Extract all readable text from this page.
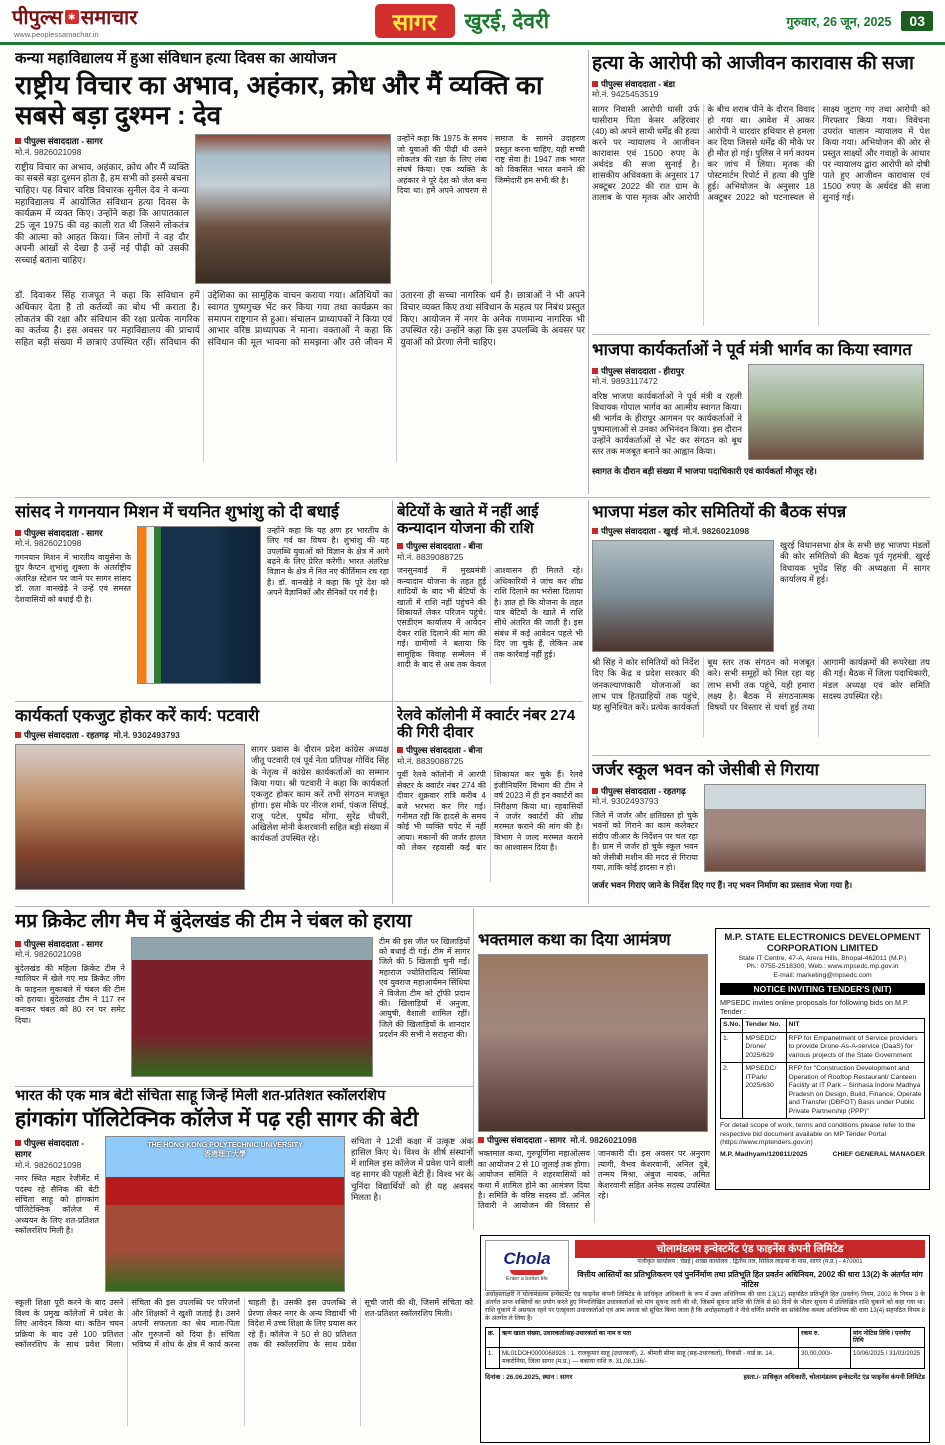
पीपुल्स ✱ समाचार
www.peoplessamachar.in	सागर	खुरई, देवरी	गुरुवार, 26 जून, 2025	03
कन्या महाविद्यालय में हुआ संविधान हत्या दिवस का आयोजन
राष्ट्रीय विचार का अभाव, अहंकार, क्रोध और मैं व्यक्ति का सबसे बड़ा दुश्मन : देव
पीपुल्स संवाददाता - सागर
मो.नं. 9826021098
राष्ट्रीय विचार का अभाव, अहंकार, क्रोध और मैं व्यक्ति का सबसे बड़ा दुश्मन होता है, हम सभी को इससे बचना चाहिए। यह विचार वरिष्ठ विचारक सुनील देव ने कन्या महाविद्यालय में आयोजित संविधान हत्या दिवस के कार्यक्रम में व्यक्त किए। उन्होंने कहा कि आपातकाल 25 जून 1975 की वह काली रात थी जिसने लोकतंत्र की आत्मा को आहत किया। जिन लोगों ने वह दौर अपनी आंखों से देखा है उन्हें नई पीढ़ी को उसकी सच्चाई बताना चाहिए।
उन्होंने कहा कि 1975 के समय जो युवाओं की पीढ़ी थी उसने लोकतंत्र की रक्षा के लिए लंबा संघर्ष किया। एक व्यक्ति के अहंकार ने पूरे देश को जेल बना दिया था। हमें अपने आचरण से समाज के सामने उदाहरण प्रस्तुत करना चाहिए, यही सच्ची राष्ट्र सेवा है। 1947 तक भारत को विकसित भारत बनाने की जिम्मेदारी हम सभी की है।
डॉ. दिवाकर सिंह राजपूत ने कहा कि संविधान हमें अधिकार देता है तो कर्तव्यों का बोध भी कराता है। लोकतंत्र की रक्षा और संविधान की रक्षा प्रत्येक नागरिक का कर्तव्य है। इस अवसर पर महाविद्यालय की प्राचार्य सहित बड़ी संख्या में छात्राएं उपस्थित रहीं। संविधान की उद्देशिका का सामूहिक वाचन कराया गया। अतिथियों का स्वागत पुष्पगुच्छ भेंट कर किया गया तथा कार्यक्रम का समापन राष्ट्रगान से हुआ। संचालन प्राध्यापकों ने किया एवं आभार वरिष्ठ प्राध्यापक ने माना। वक्ताओं ने कहा कि संविधान की मूल भावना को समझना और उसे जीवन में उतारना ही सच्चा नागरिक धर्म है। छात्राओं ने भी अपने विचार व्यक्त किए तथा संविधान के महत्व पर निबंध प्रस्तुत किए। आयोजन में नगर के अनेक गणमान्य नागरिक भी उपस्थित रहे। उन्होंने कहा कि इस उपलब्धि के अवसर पर युवाओं को प्रेरणा लेनी चाहिए।
हत्या के आरोपी को आजीवन कारावास की सजा
पीपुल्स संवाददाता - बंडा
मो.नं. 9425453519
सागर निवासी आरोपी घासी उर्फ घासीराम पिता केसर अहिरवार (40) को अपने साथी धर्मेंद्र की हत्या करने पर न्यायालय ने आजीवन कारावास एवं 1500 रुपए के अर्थदंड की सजा सुनाई है। शासकीय अधिवक्ता के अनुसार 17 अक्टूबर 2022 की रात ग्राम के तालाब के पास मृतक और आरोपी के बीच शराब पीने के दौरान विवाद हो गया था। आवेश में आकर आरोपी ने धारदार हथियार से हमला कर दिया जिससे धर्मेंद्र की मौके पर ही मौत हो गई। पुलिस ने मर्ग कायम कर जांच में लिया। मृतक की पोस्टमार्टम रिपोर्ट में हत्या की पुष्टि हुई। अभियोजन के अनुसार 18 अक्टूबर 2022 को घटनास्थल से साक्ष्य जुटाए गए तथा आरोपी को गिरफ्तार किया गया। विवेचना उपरांत चालान न्यायालय में पेश किया गया। अभियोजन की ओर से प्रस्तुत साक्ष्यों और गवाहों के आधार पर न्यायालय द्वारा आरोपी को दोषी पाते हुए आजीवन कारावास एवं 1500 रुपए के अर्थदंड की सजा सुनाई गई।
भाजपा कार्यकर्ताओं ने पूर्व मंत्री भार्गव का किया स्वागत
पीपुल्स संवाददाता - हीरापुर
मो.नं. 9893117472
वरिष्ठ भाजपा कार्यकर्ताओं ने पूर्व मंत्री व रहली विधायक गोपाल भार्गव का आत्मीय स्वागत किया। श्री भार्गव के हीरापुर आगमन पर कार्यकर्ताओं ने पुष्पमालाओं से उनका अभिनंदन किया। इस दौरान उन्होंने कार्यकर्ताओं से भेंट कर संगठन को बूथ स्तर तक मजबूत बनाने का आह्वान किया।
स्वागत के दौरान बड़ी संख्या में भाजपा पदाधिकारी एवं कार्यकर्ता मौजूद रहे।
सांसद ने गगनयान मिशन में चयनित शुभांशु को दी बधाई
पीपुल्स संवाददाता - सागर
मो.नं. 9826021098
गगनयान मिशन में भारतीय वायुसेना के ग्रुप कैप्टन शुभांशु शुक्ला के अंतर्राष्ट्रीय अंतरिक्ष स्टेशन पर जाने पर सागर सांसद डॉ. लता वानखेड़े ने उन्हें एवं समस्त देशवासियों को बधाई दी है।
उन्होंने कहा कि यह क्षण हर भारतीय के लिए गर्व का विषय है। शुभांशु की यह उपलब्धि युवाओं को विज्ञान के क्षेत्र में आगे बढ़ने के लिए प्रेरित करेगी। भारत अंतरिक्ष विज्ञान के क्षेत्र में नित नए कीर्तिमान रच रहा है। डॉ. वानखेड़े ने कहा कि पूरे देश को अपने वैज्ञानिकों और सैनिकों पर गर्व है।
बेटियों के खाते में नहीं आई कन्यादान योजना की राशि
पीपुल्स संवाददाता - बीना
मो.नं. 8839088725
जनसुनवाई में मुख्यमंत्री कन्यादान योजना के तहत हुई शादियों के बाद भी बेटियों के खातों में राशि नहीं पहुंचने की शिकायतें लेकर परिजन पहुंचे। एसडीएम कार्यालय में आवेदन देकर राशि दिलाने की मांग की गई। ग्रामीणों ने बताया कि सामूहिक विवाह सम्मेलन में शादी के बाद से अब तक केवल आश्वासन ही मिलते रहे। अधिकारियों ने जांच कर शीघ्र राशि दिलाने का भरोसा दिलाया है। ज्ञात हो कि योजना के तहत पात्र बेटियों के खाते में राशि सीधे अंतरित की जाती है। इस संबंध में कई आवेदन पहले भी दिए जा चुके हैं, लेकिन अब तक कार्रवाई नहीं हुई।
भाजपा मंडल कोर समितियों की बैठक संपन्न
पीपुल्स संवाददाता - खुरई मो.नं. 9826021098
खुरई विधानसभा क्षेत्र के सभी छह भाजपा मंडलों की कोर समितियों की बैठक पूर्व गृहमंत्री, खुरई विधायक भूपेंद्र सिंह की अध्यक्षता में सागर कार्यालय में हुई।
श्री सिंह ने कोर समितियों को निर्देश दिए कि केंद्र व प्रदेश सरकार की जनकल्याणकारी योजनाओं का लाभ पात्र हितग्राहियों तक पहुंचे, यह सुनिश्चित करें। प्रत्येक कार्यकर्ता बूथ स्तर तक संगठन को मजबूत करे। सभी समूहों को मिल रहा यह लाभ सभी तक पहुंचे, यही हमारा लक्ष्य है। बैठक में संगठनात्मक विषयों पर विस्तार से चर्चा हुई तथा आगामी कार्यक्रमों की रूपरेखा तय की गई। बैठक में जिला पदाधिकारी, मंडल अध्यक्ष एवं कोर समिति सदस्य उपस्थित रहे।
कार्यकर्ता एकजुट होकर करें कार्य: पटवारी
पीपुल्स संवाददाता - रहतगढ़ मो.नं. 9302493793
सागर प्रवास के दौरान प्रदेश कांग्रेस अध्यक्ष जीतू पटवारी एवं पूर्व नेता प्रतिपक्ष गोविंद सिंह के नेतृत्व में कांग्रेस कार्यकर्ताओं का सम्मान किया गया। श्री पटवारी ने कहा कि कार्यकर्ता एकजुट होकर काम करें तभी संगठन मजबूत होगा। इस मौके पर नीरज शर्मा, पंकज सिंघई, राजू पटेल, पुष्पेंद्र मोंगा, सुरेंद्र चौधरी, अखिलेश मोनी केशरवानी सहित बड़ी संख्या में कार्यकर्ता उपस्थित रहे।
रेलवे कॉलोनी में क्वार्टर नंबर 274 की गिरी दीवार
पीपुल्स संवाददाता - बीना
मो.नं. 8839088725
पूर्वी रेलवे कॉलोनी में आरपी सेक्टर के क्वार्टर नंबर 274 की दीवार शुक्रवार रात्रि करीब 4 बजे भरभरा कर गिर गई। गनीमत रही कि हादसे के समय कोई भी व्यक्ति चपेट में नहीं आया। मकानों की जर्जर हालत को लेकर रहवासी कई बार शिकायत कर चुके हैं। रेलवे इंजीनियरिंग विभाग की टीम ने वर्ष 2023 में ही इन क्वार्टरों का निरीक्षण किया था। रहवासियों ने जर्जर क्वार्टरों की शीघ्र मरम्मत कराने की मांग की है। विभाग ने जल्द मरम्मत कराने का आश्वासन दिया है।
जर्जर स्कूल भवन को जेसीबी से गिराया
पीपुल्स संवाददाता - रहतगढ़
मो.नं. 9302493793
जिले में जर्जर और क्षतिग्रस्त हो चुके भवनों को गिराने का काम कलेक्टर संदीप जीआर के निर्देशन पर चल रहा है। ग्राम में जर्जर हो चुके स्कूल भवन को जेसीबी मशीन की मदद से गिराया गया, ताकि कोई हादसा न हो।
जर्जर भवन गिराए जाने के निर्देश दिए गए हैं। नए भवन निर्माण का प्रस्ताव भेजा गया है।
मप्र क्रिकेट लीग मैच में बुंदेलखंड की टीम ने चंबल को हराया
पीपुल्स संवाददाता - सागर
मो.नं. 9826021098
बुंदेलखंड की महिला क्रिकेट टीम ने ग्वालियर में खेले गए मप्र क्रिकेट लीग के फाइनल मुकाबले में चंबल की टीम को हराया। बुंदेलखंड टीम ने 117 रन बनाकर चंबल को 80 रन पर समेट दिया।
टीम की इस जीत पर खिलाड़ियों को बधाई दी गई। टीम में सागर जिले की 5 खिलाड़ी चुनी गईं। महाराज ज्योतिरादित्य सिंधिया एवं युवराज महाआर्यमन सिंधिया ने विजेता टीम को ट्रॉफी प्रदान की। खिलाड़ियों में अनुजा, आयुषी, वैशाली शामिल रहीं। जिले की खिलाड़ियों के शानदार प्रदर्शन की सभी ने सराहना की।
भक्तमाल कथा का दिया आमंत्रण
पीपुल्स संवाददाता - सागर मो.नं. 9826021098
भक्तमाल कथा, गुरुपूर्णिमा महाओत्सव का आयोजन 2 से 10 जुलाई तक होगा। आयोजन समिति ने शहरवासियों को कथा में शामिल होने का आमंत्रण दिया है। समिति के वरिष्ठ सदस्य डॉ. अनिल तिवारी ने आयोजन की विस्तार से जानकारी दी। इस अवसर पर अनुराग त्यागी, वैभव केशरवानी, अनिल दुबे, तन्मय मिश्रा, अंबुज नायक, अमित केशरवानी सहित अनेक सदस्य उपस्थित रहे।
M.P. STATE ELECTRONICS DEVELOPMENT CORPORATION LIMITED
State IT Centre, 47-A, Arera Hills, Bhopal-462011 (M.P.)
Ph.: 0755-2518300, Web.: www.mpsedc.mp.gov.in
E-mail: marketing@mpsedc.com
NOTICE INVITING TENDER'S (NIT)
MPSEDC invites online proposals for following bids on M.P. Tender :
S.No.	Tender No.	NIT
1.	MPSEDC/ Drone/ 2025/629	RFP for Empanelment of Service providers to provide Drone-As-A-service (DaaS) for various projects of the State Government
2.	MPSEDC/ ITPark/ 2025/630	RFP for "Construction Development and Operation of Rooftop Restaurant/ Canteen Facility at IT Park – Sinhasa Indore Madhya Pradesh on Design, Build, Finance, Operate and Transfer (DBFOT) Basis under Public Private Partnership (PPP)"
For detail scope of work, terms and conditions please refer to the respective bid document available on MP Tender Portal (https://www.mptenders.gov.in)
M.P. Madhyam/120811/2025	CHIEF GENERAL MANAGER
भारत की एक मात्र बेटी संचिता साहू जिन्हें मिली शत-प्रतिशत स्कॉलरशिप
हांगकांग पॉलिटेक्निक कॉलेज में पढ़ रही सागर की बेटी
पीपुल्स संवाददाता - सागर
मो.नं. 9826021098
नगर स्थित महार रेजीमेंट में पदस्थ रहे सैनिक की बेटी संचिता साहू को हांगकांग पॉलिटेक्निक कॉलेज में अध्ययन के लिए शत-प्रतिशत स्कॉलरशिप मिली है।
THE HONG KONG POLYTECHNIC UNIVERSITY
香港理工大學
संचिता ने 12वीं कक्षा में उत्कृष्ट अंक हासिल किए थे। विश्व के शीर्ष संस्थानों में शामिल इस कॉलेज में प्रवेश पाने वाली वह सागर की पहली बेटी हैं। विश्व भर के चुनिंदा विद्यार्थियों को ही यह अवसर मिलता है।
स्कूली शिक्षा पूरी करने के बाद उसने विश्व के प्रमुख कॉलेजों में प्रवेश के लिए आवेदन किया था। कठिन चयन प्रक्रिया के बाद उसे 100 प्रतिशत स्कॉलरशिप के साथ प्रवेश मिला। संचिता की इस उपलब्धि पर परिजनों और शिक्षकों ने खुशी जताई है। उसने अपनी सफलता का श्रेय माता-पिता और गुरुजनों को दिया है। संचिता भविष्य में शोध के क्षेत्र में कार्य करना चाहती है। उसकी इस उपलब्धि से प्रेरणा लेकर नगर के अन्य विद्यार्थी भी विदेश में उच्च शिक्षा के लिए प्रयास कर रहे हैं। कॉलेज ने 50 से 80 प्रतिशत तक की स्कॉलरशिप के साथ प्रवेश सूची जारी की थी, जिसमें संचिता को शत-प्रतिशत स्कॉलरशिप मिली।
Chola
Enter a better life
चोलामंडलम इन्वेस्टमेंट एंड फाइनेंस कंपनी लिमिटेड
पंजीकृत कार्यालय : चेन्नई | शाखा कार्यालय : द्वितीय तल, सिविल लाइन्स के पास, सागर (म.प्र.) - 470001
वित्तीय आस्तियों का प्रतिभूतिकरण एवं पुनर्निर्माण तथा प्रतिभूति हित प्रवर्तन अधिनियम, 2002 की धारा 13(2) के अंतर्गत मांग नोटिस
अधोहस्ताक्षरी ने चोलामंडलम इन्वेस्टमेंट एंड फाइनेंस कंपनी लिमिटेड के प्राधिकृत अधिकारी के रूप में उक्त अधिनियम की धारा 13(12) सहपठित प्रतिभूति हित (प्रवर्तन) नियम, 2002 के नियम 3 के अंतर्गत प्राप्त शक्तियों का प्रयोग करते हुए निम्नलिखित उधारकर्ताओं को मांग सूचना जारी की थी, जिसमें सूचना प्राप्ति की तिथि से 60 दिनों के भीतर सूचना में उल्लिखित राशि चुकाने को कहा गया था। राशि चुकाने में असफल रहने पर एतद्द्वारा उधारकर्ताओं एवं आम जनता को सूचित किया जाता है कि अधोहस्ताक्षरी ने नीचे वर्णित संपत्ति का सांकेतिक कब्जा अधिनियम की धारा 13(4) सहपठित नियम 8 के अंतर्गत ले लिया है।
क्र.	ऋण खाता संख्या, उधारकर्ता/सह-उधारकर्ता का नाम व पता	रकम रु.	मांग नोटिस तिथि / एनपीए तिथि
1.	ML01DOH0000068928 : 1. राजकुमार साहू (उधारकर्ता), 2. श्रीमती सीमा साहू (सह-उधारकर्ता), निवासी - वार्ड क्र. 14, मकरोनिया, जिला सागर (म.प्र.) — बकाया राशि रु. 31,08,136/-	30,00,000/-	10/06/2025 / 31/03/2025
दिनांक : 26.06.2025, स्थान : सागर	हस्ता./- प्राधिकृत अधिकारी, चोलामंडलम इन्वेस्टमेंट एंड फाइनेंस कंपनी लिमिटेड
